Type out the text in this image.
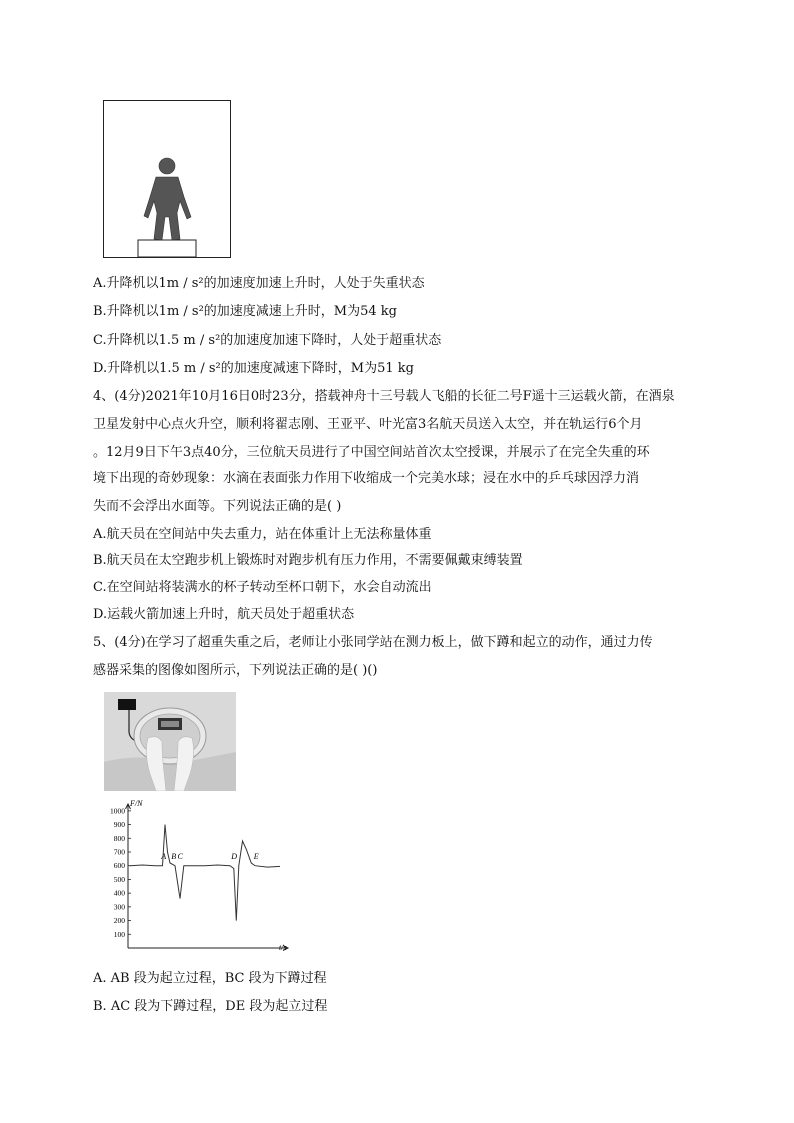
A.升降机以1m / s²的加速度加速上升时，人处于失重状态
B.升降机以1m / s²的加速度减速上升时，M为54 kg
C.升降机以1.5 m / s²的加速度加速下降时，人处于超重状态
D.升降机以1.5 m / s²的加速度减速下降时，M为51 kg
4、(4分)2021年10月16日0时23分，搭载神舟十三号载人飞船的长征二号F遥十三运载火箭，在酒泉
卫星发射中心点火升空，顺利将翟志刚、王亚平、叶光富3名航天员送入太空，并在轨运行6个月
。12月9日下午3点40分，三位航天员进行了中国空间站首次太空授课，并展示了在完全失重的环
境下出现的奇妙现象：水滴在表面张力作用下收缩成一个完美水球；浸在水中的乒乓球因浮力消
失而不会浮出水面等。下列说法正确的是( )
A.航天员在空间站中失去重力，站在体重计上无法称量体重
B.航天员在太空跑步机上锻炼时对跑步机有压力作用，不需要佩戴束缚装置
C.在空间站将装满水的杯子转动至杯口朝下，水会自动流出
D.运载火箭加速上升时，航天员处于超重状态
5、(4分)在学习了超重失重之后，老师让小张同学站在测力板上，做下蹲和起立的动作，通过力传
感器采集的图像如图所示，下列说法正确的是( )()
100
200
300
400
500
600
700
800
900
1000
F/N
t/s
A B C	D E
A. AB 段为起立过程，BC 段为下蹲过程
B. AC 段为下蹲过程，DE 段为起立过程
